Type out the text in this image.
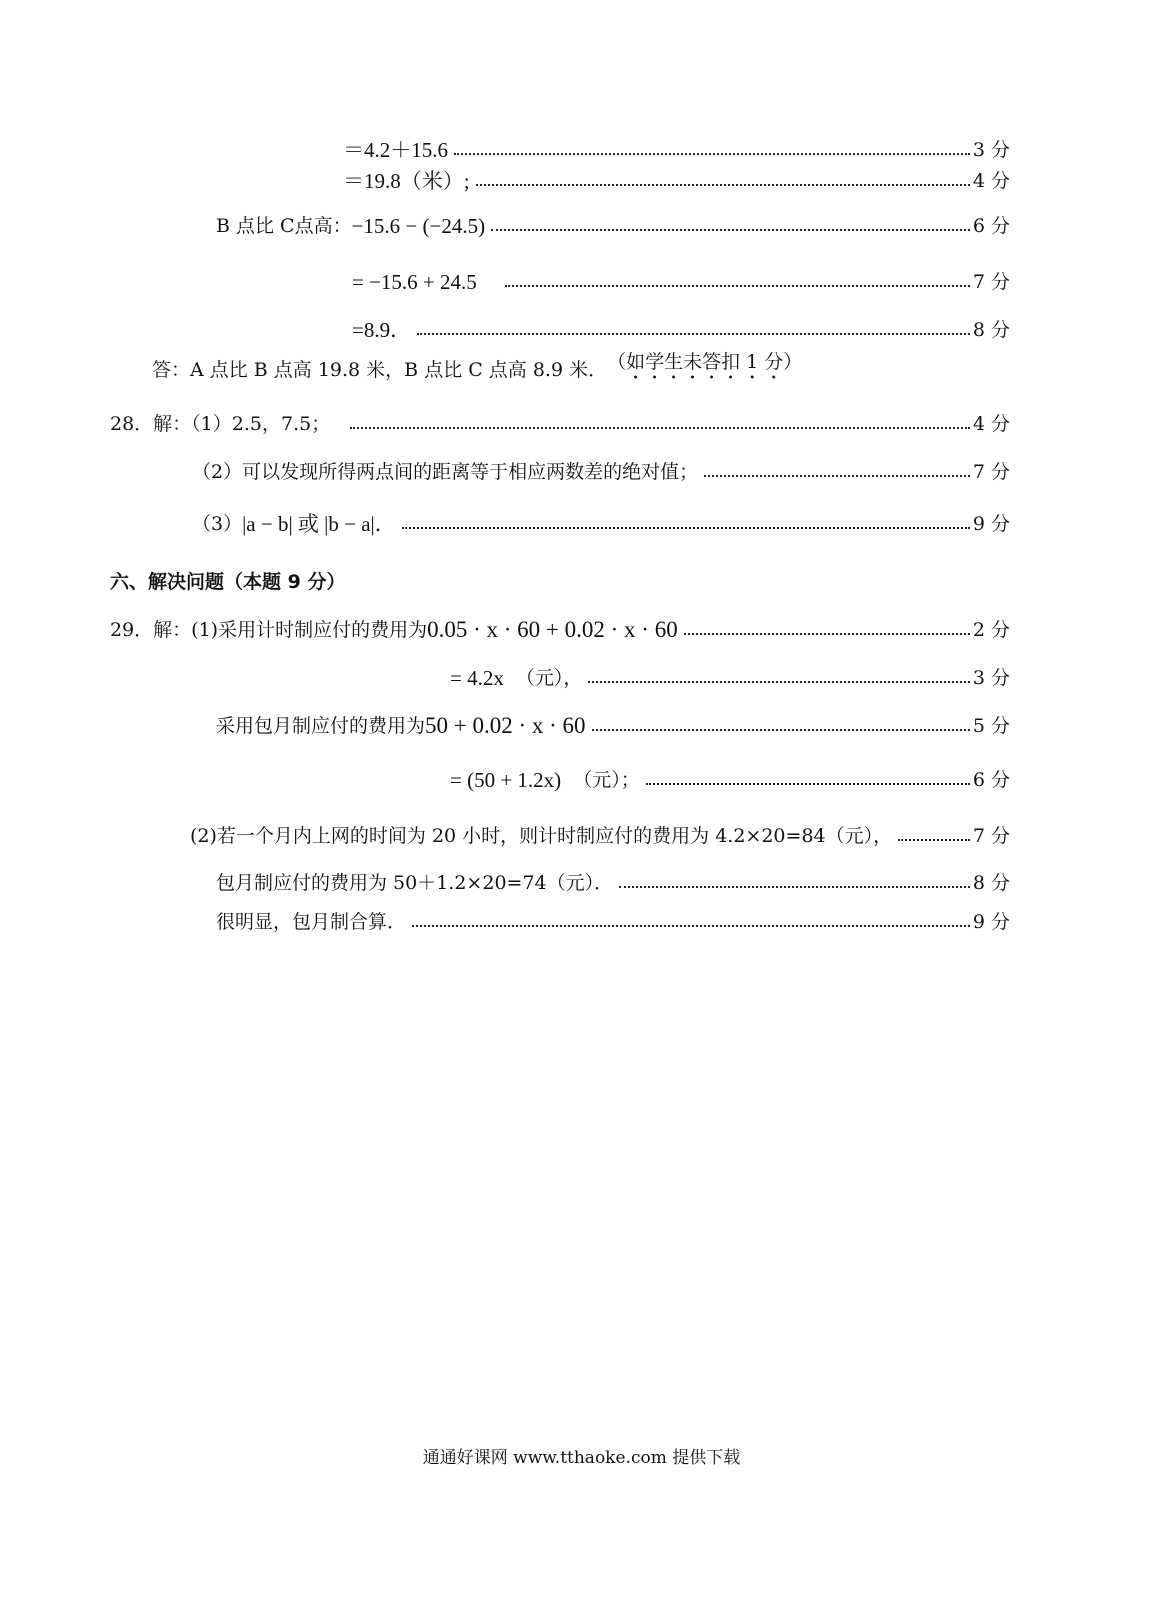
＝4.2＋15.6	3 分
＝19.8（米）;	4 分
B 点比 C点高： −15.6 − (−24.5)	6 分
= −15.6 + 24.5	7 分
=8.9．	8 分
答：A 点比 B 点高 19.8 米，B 点比 C 点高 8.9 米． （如学生未答扣 1 分）
28．解：（1）2.5，7.5；	4 分
（2）可以发现所得两点间的距离等于相应两数差的绝对值；	7 分
（3） |a − b| 或 |b − a|．	9 分
六、解决问题（本题 9 分）
29．解：(1)采用计时制应付的费用为 0.05 · x · 60 + 0.02 · x · 60	2 分
= 4.2x （元），	3 分
采用包月制应付的费用为 50 + 0.02 · x · 60	5 分
= (50 + 1.2x) （元）；	6 分
(2)若一个月内上网的时间为 20 小时，则计时制应付的费用为 4.2×20=84（元），	7 分
包月制应付的费用为 50＋1.2×20=74（元）．	8 分
很明显，包月制合算．	9 分
通通好课网 www.tthaoke.com 提供下载
